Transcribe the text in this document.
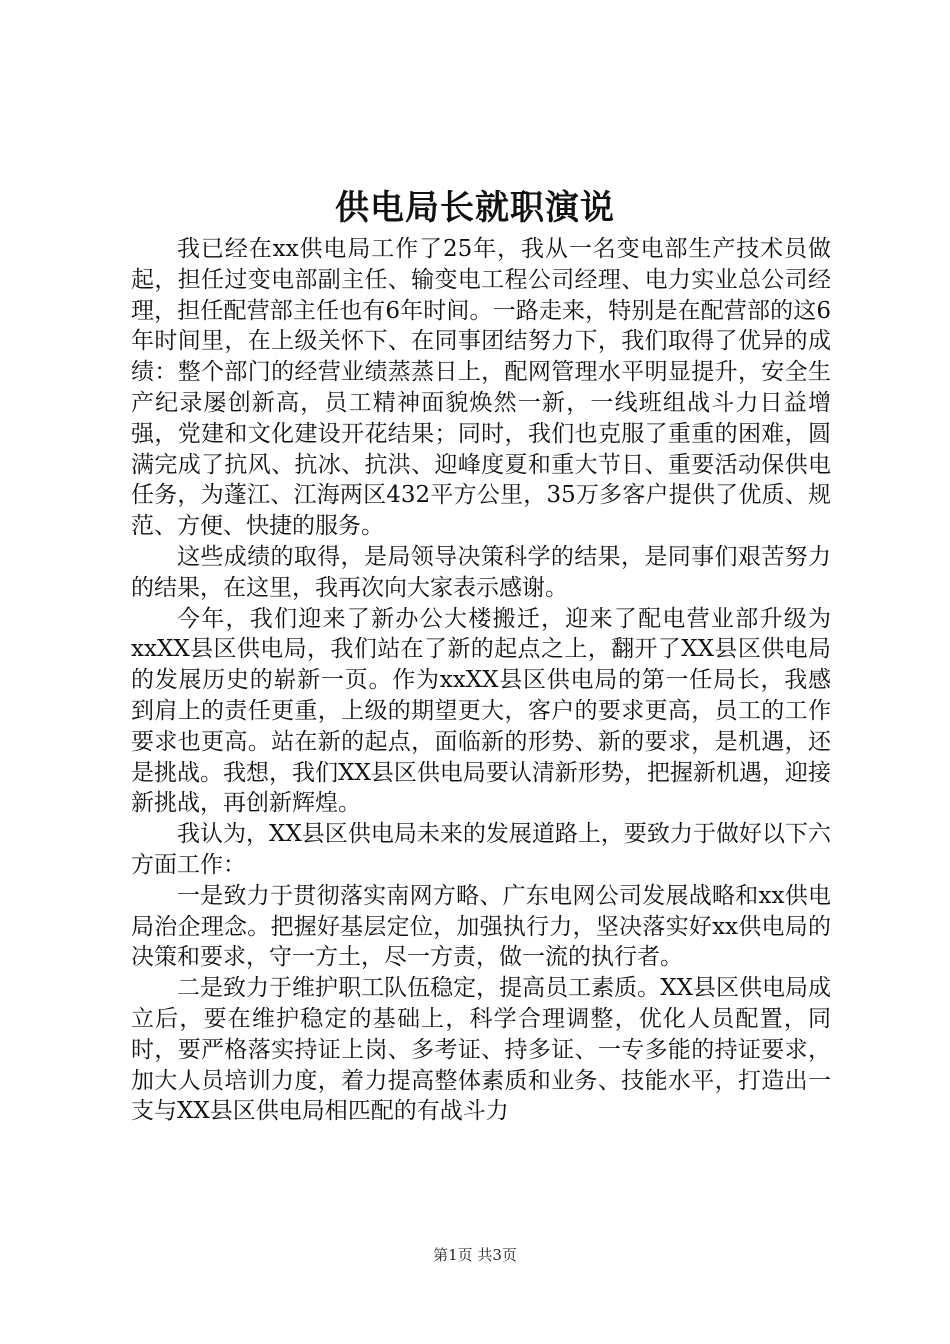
供电局长就职演说

我已经在xx供电局工作了25年，我从一名变电部生产技术员做起，担任过变电部副主任、输变电工程公司经理、电力实业总公司经理，担任配营部主任也有6年时间。一路走来，特别是在配营部的这6年时间里，在上级关怀下、在同事团结努力下，我们取得了优异的成绩：整个部门的经营业绩蒸蒸日上，配网管理水平明显提升，安全生产纪录屡创新高，员工精神面貌焕然一新，一线班组战斗力日益增强，党建和文化建设开花结果；同时，我们也克服了重重的困难，圆满完成了抗风、抗冰、抗洪、迎峰度夏和重大节日、重要活动保供电任务，为蓬江、江海两区432平方公里，35万多客户提供了优质、规范、方便、快捷的服务。

这些成绩的取得，是局领导决策科学的结果，是同事们艰苦努力的结果，在这里，我再次向大家表示感谢。

今年，我们迎来了新办公大楼搬迁，迎来了配电营业部升级为xxXX县区供电局，我们站在了新的起点之上，翻开了XX县区供电局的发展历史的崭新一页。作为xxXX县区供电局的第一任局长，我感到肩上的责任更重，上级的期望更大，客户的要求更高，员工的工作要求也更高。站在新的起点，面临新的形势、新的要求，是机遇，还是挑战。我想，我们XX县区供电局要认清新形势，把握新机遇，迎接新挑战，再创新辉煌。

我认为，XX县区供电局未来的发展道路上，要致力于做好以下六方面工作：

一是致力于贯彻落实南网方略、广东电网公司发展战略和xx供电局治企理念。把握好基层定位，加强执行力，坚决落实好xx供电局的决策和要求，守一方土，尽一方责，做一流的执行者。

二是致力于维护职工队伍稳定，提高员工素质。XX县区供电局成立后，要在维护稳定的基础上，科学合理调整，优化人员配置，同时，要严格落实持证上岗、多考证、持多证、一专多能的持证要求，加大人员培训力度，着力提高整体素质和业务、技能水平，打造出一支与XX县区供电局相匹配的有战斗力

第1页 共3页
